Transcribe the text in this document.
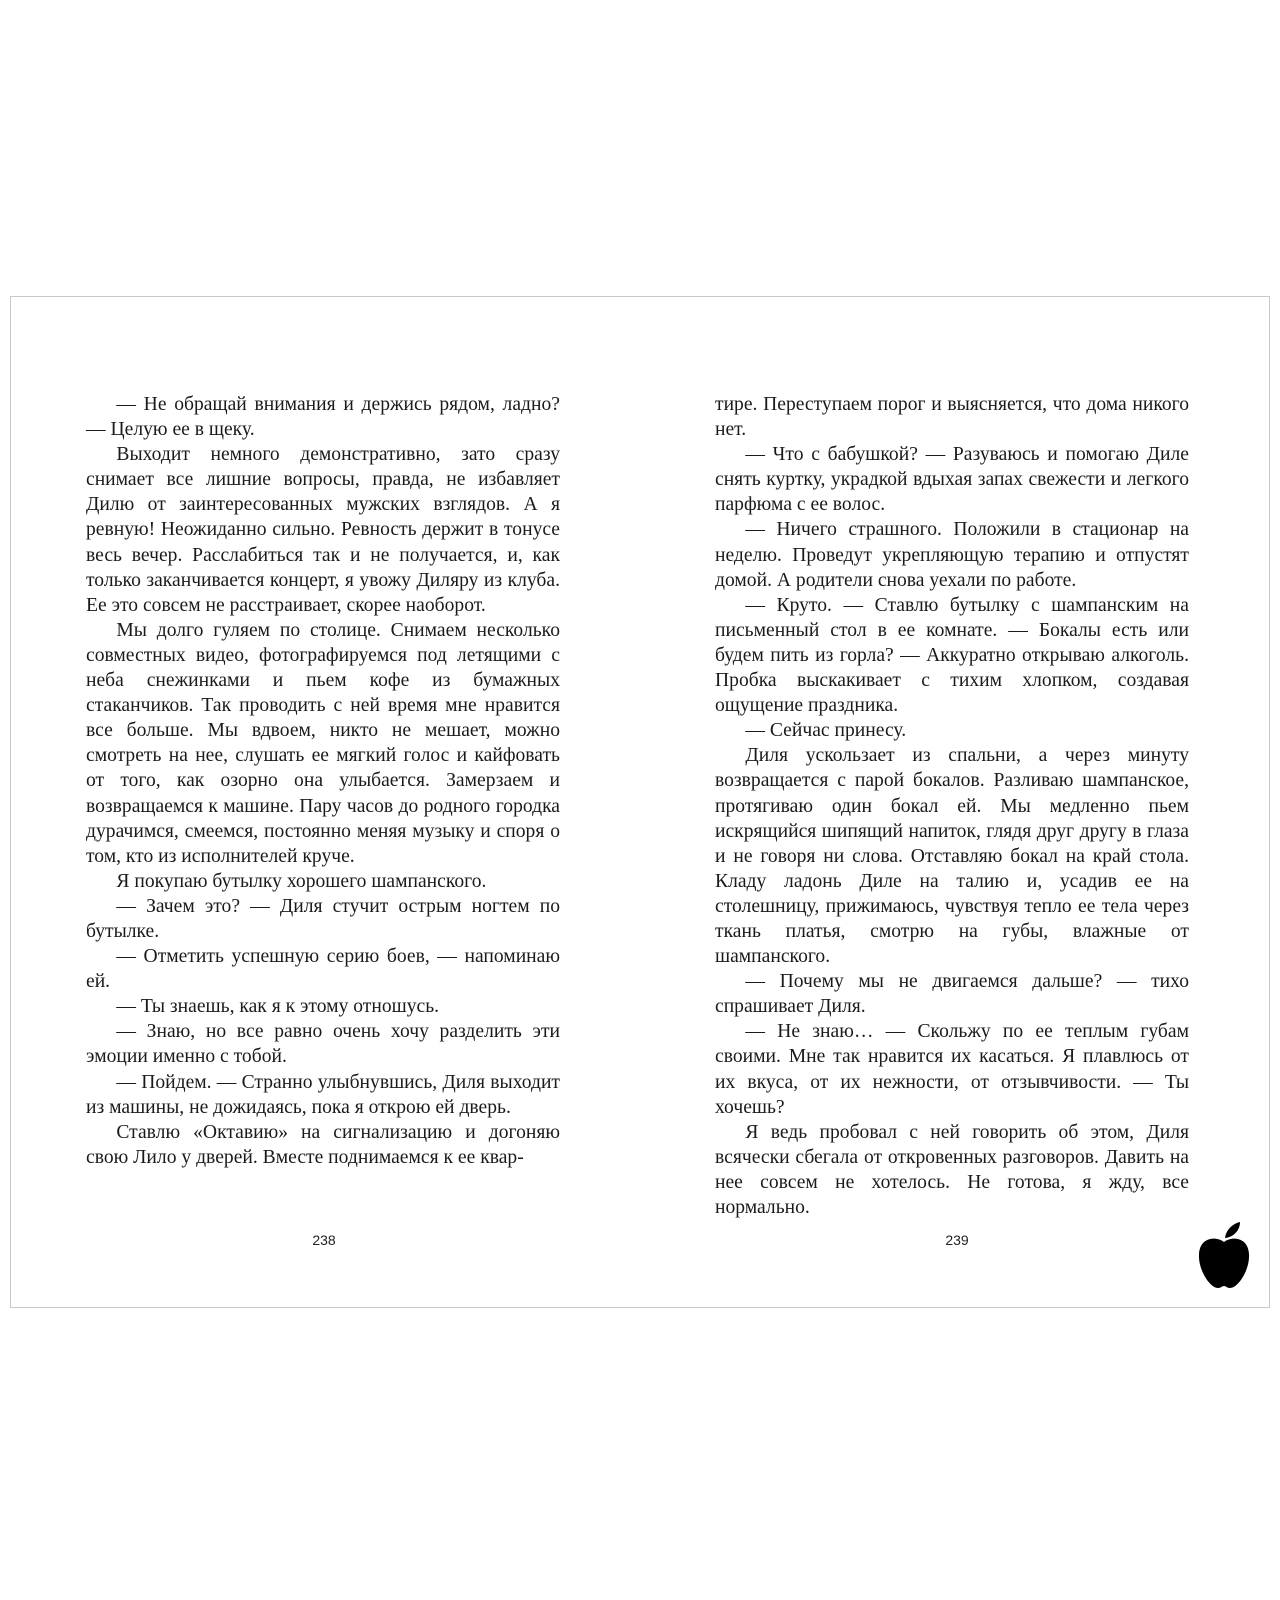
— Не обращай внимания и держись рядом, ладно? — Целую ее в щеку.

Выходит немного демонстративно, зато сразу снимает все лишние вопросы, правда, не избавляет Дилю от заинтересованных мужских взглядов. А я ревную! Неожиданно сильно. Ревность держит в тонусе весь вечер. Расслабиться так и не получается, и, как только заканчивается концерт, я увожу Диляру из клуба. Ее это совсем не расстраивает, скорее наоборот.

Мы долго гуляем по столице. Снимаем несколько совместных видео, фотографируемся под летящими с неба снежинками и пьем кофе из бумажных стаканчиков. Так проводить с ней время мне нравится все больше. Мы вдвоем, никто не мешает, можно смотреть на нее, слушать ее мягкий голос и кайфовать от того, как озорно она улыбается. Замерзаем и возвращаемся к машине. Пару часов до родного городка дурачимся, смеемся, постоянно меняя музыку и споря о том, кто из исполнителей круче.

Я покупаю бутылку хорошего шампанского.

— Зачем это? — Диля стучит острым ногтем по бутылке.

— Отметить успешную серию боев, — напоминаю ей.

— Ты знаешь, как я к этому отношусь.

— Знаю, но все равно очень хочу разделить эти эмоции именно с тобой.

— Пойдем. — Странно улыбнувшись, Диля выходит из машины, не дожидаясь, пока я открою ей дверь.

Ставлю «Октавию» на сигнализацию и догоняю свою Лило у дверей. Вместе поднимаемся к ее квар-

тире. Переступаем порог и выясняется, что дома никого нет.

— Что с бабушкой? — Разуваюсь и помогаю Диле снять куртку, украдкой вдыхая запах свежести и легкого парфюма с ее волос.

— Ничего страшного. Положили в стационар на неделю. Проведут укрепляющую терапию и отпустят домой. А родители снова уехали по работе.

— Круто. — Ставлю бутылку с шампанским на письменный стол в ее комнате. — Бокалы есть или будем пить из горла? — Аккуратно открываю алкоголь. Пробка выскакивает с тихим хлопком, создавая ощущение праздника.

— Сейчас принесу.

Диля ускользает из спальни, а через минуту возвращается с парой бокалов. Разливаю шампанское, протягиваю один бокал ей. Мы медленно пьем искрящийся шипящий напиток, глядя друг другу в глаза и не говоря ни слова. Отставляю бокал на край стола. Кладу ладонь Диле на талию и, усадив ее на столешницу, прижимаюсь, чувствуя тепло ее тела через ткань платья, смотрю на губы, влажные от шампанского.

— Почему мы не двигаемся дальше? — тихо спрашивает Диля.

— Не знаю… — Скольжу по ее теплым губам своими. Мне так нравится их касаться. Я плавлюсь от их вкуса, от их нежности, от отзывчивости. — Ты хочешь?

Я ведь пробовал с ней говорить об этом, Диля всячески сбегала от откровенных разговоров. Давить на нее совсем не хотелось. Не готова, я жду, все нормально.

238	239
